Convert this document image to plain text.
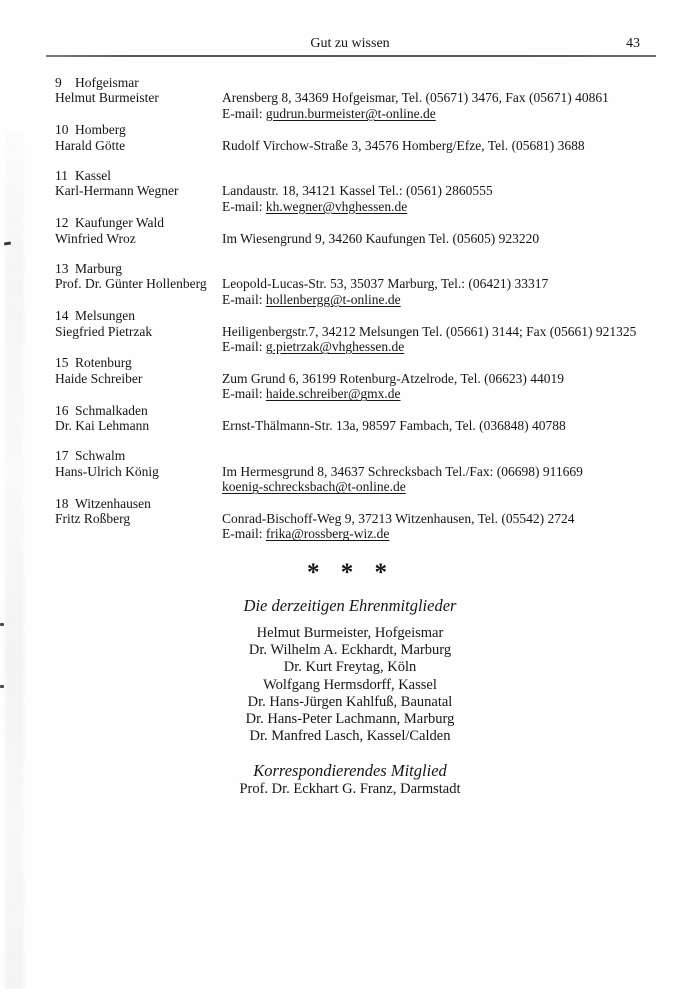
Gut zu wissen	43
9 Hofgeismar
Helmut Burmeister	Arensberg 8, 34369 Hofgeismar, Tel. (05671) 3476, Fax (05671) 40861
E-mail: gudrun.burmeister@t-online.de
10 Homberg
Harald Götte	Rudolf Virchow-Straße 3, 34576 Homberg/Efze, Tel. (05681) 3688
11 Kassel
Karl-Hermann Wegner	Landaustr. 18, 34121 Kassel Tel.: (0561) 2860555
E-mail: kh.wegner@vhghessen.de
12 Kaufunger Wald
Winfried Wroz	Im Wiesengrund 9, 34260 Kaufungen Tel. (05605) 923220
13 Marburg
Prof. Dr. Günter Hollenberg	Leopold-Lucas-Str. 53, 35037 Marburg, Tel.: (06421) 33317
E-mail: hollenbergg@t-online.de
14 Melsungen
Siegfried Pietrzak	Heiligenbergstr.7, 34212 Melsungen Tel. (05661) 3144; Fax (05661) 921325
E-mail: g.pietrzak@vhghessen.de
15 Rotenburg
Haide Schreiber	Zum Grund 6, 36199 Rotenburg-Atzelrode, Tel. (06623) 44019
E-mail: haide.schreiber@gmx.de
16 Schmalkaden
Dr. Kai Lehmann	Ernst-Thälmann-Str. 13a, 98597 Fambach, Tel. (036848) 40788
17 Schwalm
Hans-Ulrich König	Im Hermesgrund 8, 34637 Schrecksbach Tel./Fax: (06698) 911669
koenig-schrecksbach@t-online.de
18 Witzenhausen
Fritz Roßberg	Conrad-Bischoff-Weg 9, 37213 Witzenhausen, Tel. (05542) 2724
E-mail: frika@rossberg-wiz.de
* * *
Die derzeitigen Ehrenmitglieder
Helmut Burmeister, Hofgeismar
Dr. Wilhelm A. Eckhardt, Marburg
Dr. Kurt Freytag, Köln
Wolfgang Hermsdorff, Kassel
Dr. Hans-Jürgen Kahlfuß, Baunatal
Dr. Hans-Peter Lachmann, Marburg
Dr. Manfred Lasch, Kassel/Calden
Korrespondierendes Mitglied
Prof. Dr. Eckhart G. Franz, Darmstadt
